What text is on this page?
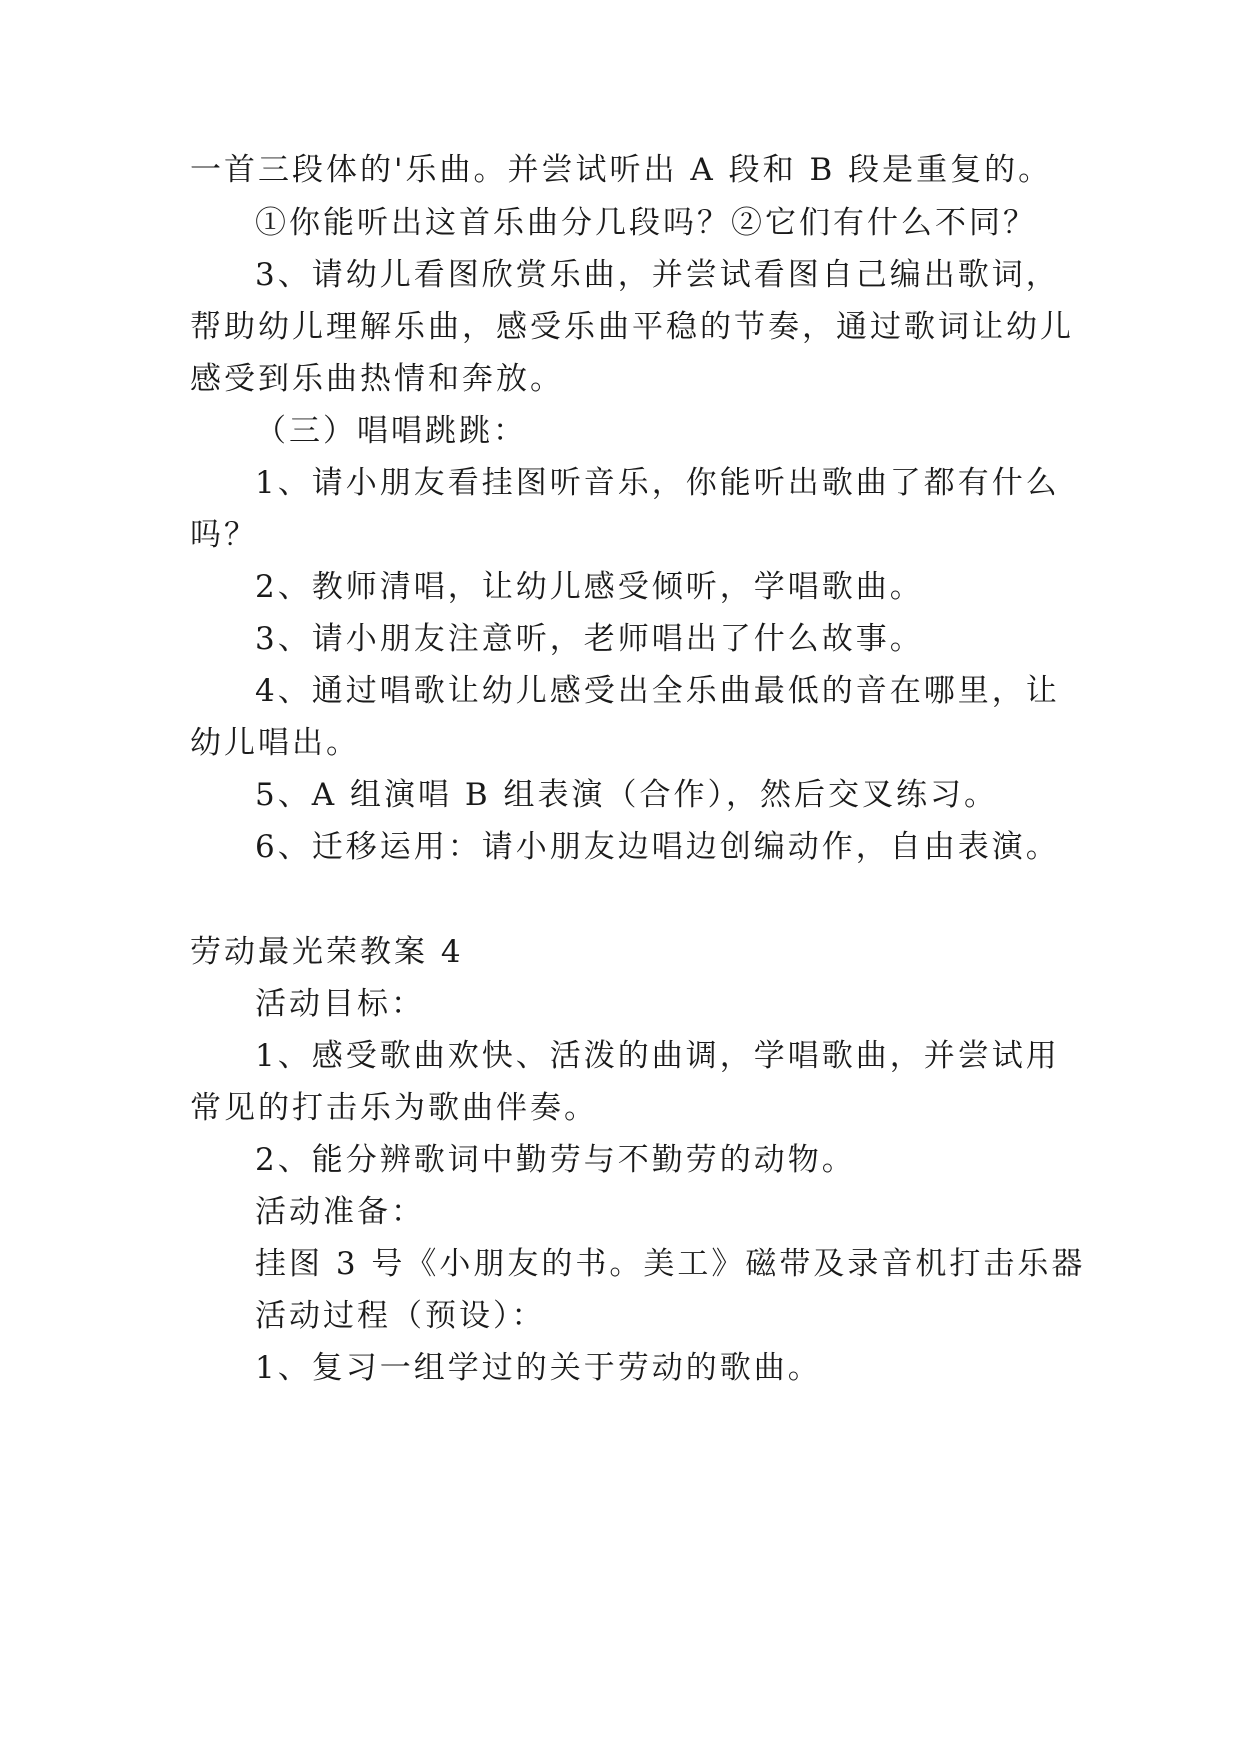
一首三段体的'乐曲。并尝试听出 A 段和 B 段是重复的。
①你能听出这首乐曲分几段吗？②它们有什么不同？
3、请幼儿看图欣赏乐曲，并尝试看图自己编出歌词，
帮助幼儿理解乐曲，感受乐曲平稳的节奏，通过歌词让幼儿
感受到乐曲热情和奔放。
（三）唱唱跳跳：
1、请小朋友看挂图听音乐，你能听出歌曲了都有什么
吗？
2、教师清唱，让幼儿感受倾听，学唱歌曲。
3、请小朋友注意听，老师唱出了什么故事。
4、通过唱歌让幼儿感受出全乐曲最低的音在哪里，让
幼儿唱出。
5、A 组演唱 B 组表演（合作），然后交叉练习。
6、迁移运用：请小朋友边唱边创编动作，自由表演。
劳动最光荣教案 4
活动目标：
1、感受歌曲欢快、活泼的曲调，学唱歌曲，并尝试用
常见的打击乐为歌曲伴奏。
2、能分辨歌词中勤劳与不勤劳的动物。
活动准备：
挂图 3 号《小朋友的书。美工》磁带及录音机打击乐器
活动过程（预设）：
1、复习一组学过的关于劳动的歌曲。
